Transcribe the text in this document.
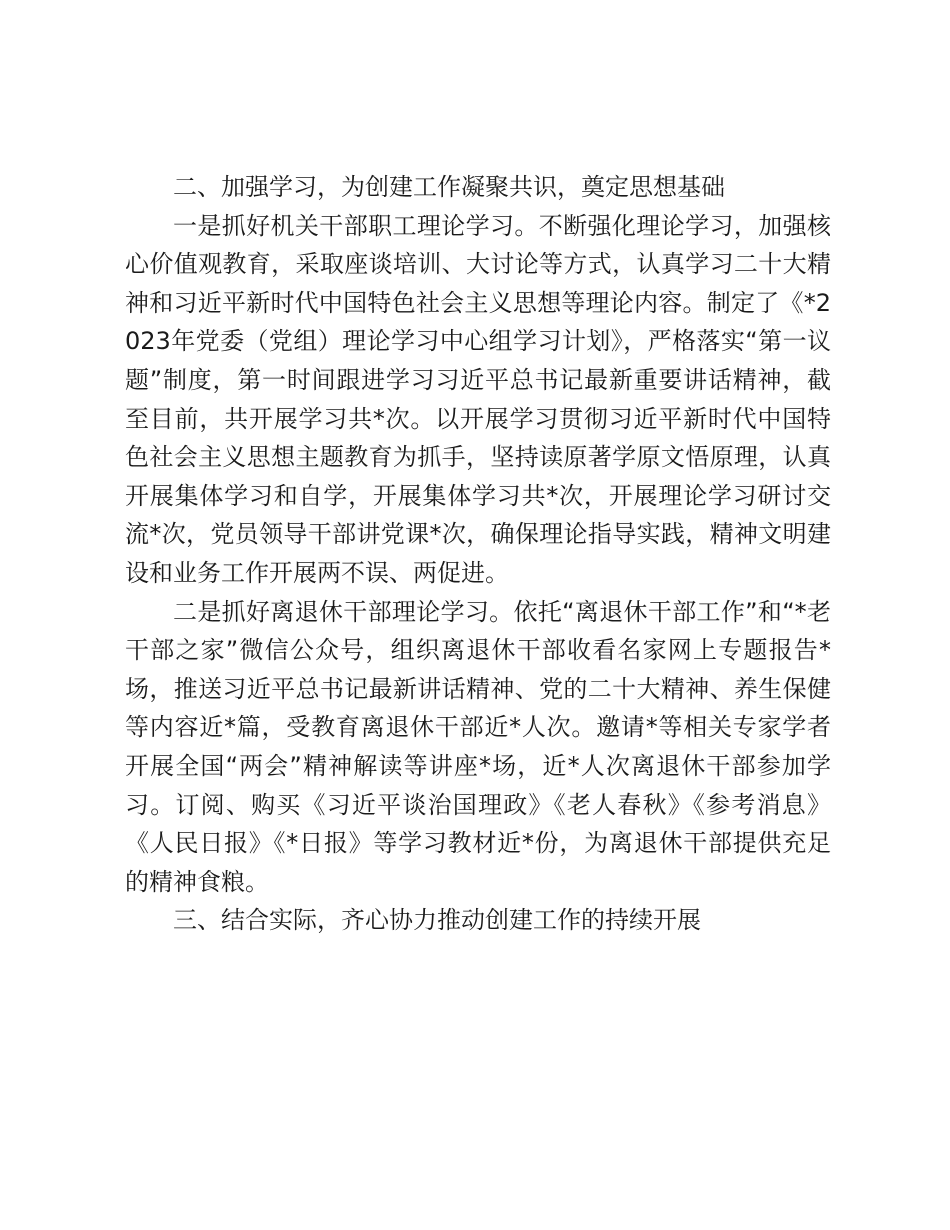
二、加强学习，为创建工作凝聚共识，奠定思想基础

一是抓好机关干部职工理论学习。不断强化理论学习，加强核心价值观教育，采取座谈培训、大讨论等方式，认真学习二十大精神和习近平新时代中国特色社会主义思想等理论内容。制定了《*2023年党委（党组）理论学习中心组学习计划》，严格落实“第一议题”制度，第一时间跟进学习习近平总书记最新重要讲话精神，截至目前，共开展学习共*次。以开展学习贯彻习近平新时代中国特色社会主义思想主题教育为抓手，坚持读原著学原文悟原理，认真开展集体学习和自学，开展集体学习共*次，开展理论学习研讨交流*次，党员领导干部讲党课*次，确保理论指导实践，精神文明建设和业务工作开展两不误、两促进。

二是抓好离退休干部理论学习。依托“离退休干部工作”和“*老干部之家”微信公众号，组织离退休干部收看名家网上专题报告*场，推送习近平总书记最新讲话精神、党的二十大精神、养生保健等内容近*篇，受教育离退休干部近*人次。邀请*等相关专家学者开展全国“两会”精神解读等讲座*场，近*人次离退休干部参加学习。订阅、购买《习近平谈治国理政》《老人春秋》《参考消息》《人民日报》《*日报》等学习教材近*份，为离退休干部提供充足的精神食粮。

三、结合实际，齐心协力推动创建工作的持续开展
